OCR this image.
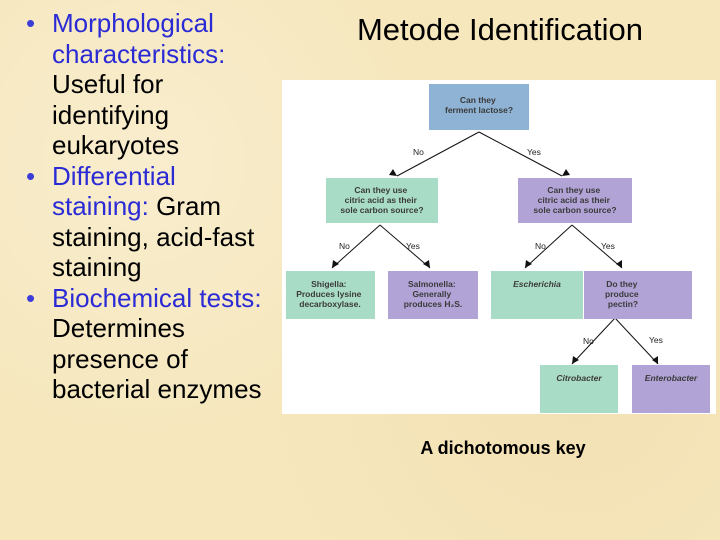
• Morphological characteristics: Useful for identifying eukaryotes
• Differential staining: Gram staining, acid-fast staining
• Biochemical tests: Determines presence of bacterial enzymes
Metode Identification
Can they ferment lactose?
Can they use citric acid as their sole carbon source?
Can they use citric acid as their sole carbon source?
Shigella: Produces lysine decarboxylase.
Salmonella: Generally produces H₂S.
Escherichia	Do they produce pectin?
Citrobacter	Enterobacter
No	Yes
No	Yes	No	Yes
No	Yes
A dichotomous key
